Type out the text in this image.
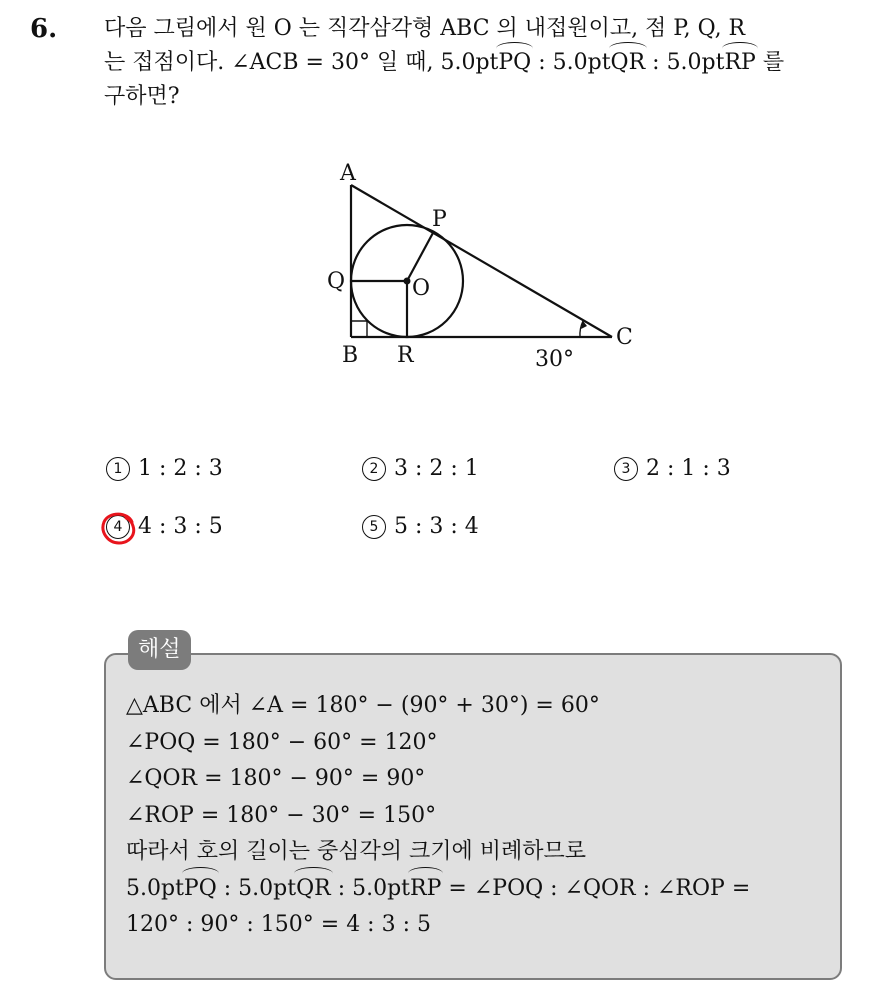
6. 다음 그림에서 원 O 는 직각삼각형 ABC 의 내접원이고, 점 P, Q, R
는 접점이다. ∠ACB = 30° 일 때, 5.0ptPQ : 5.0ptQR : 5.0ptRP 를
구하면?
A
B
C
P
Q
R
O
30°
1 1 : 2 : 3	2 3 : 2 : 1	3 2 : 1 : 3
4 4 : 3 : 5	5 5 : 3 : 4
해설
△ABC 에서 ∠A = 180° − (90° + 30°) = 60°
∠POQ = 180° − 60° = 120°
∠QOR = 180° − 90° = 90°
∠ROP = 180° − 30° = 150°
따라서 호의 길이는 중심각의 크기에 비례하므로
5.0ptPQ : 5.0ptQR : 5.0ptRP = ∠POQ : ∠QOR : ∠ROP =
120° : 90° : 150° = 4 : 3 : 5
